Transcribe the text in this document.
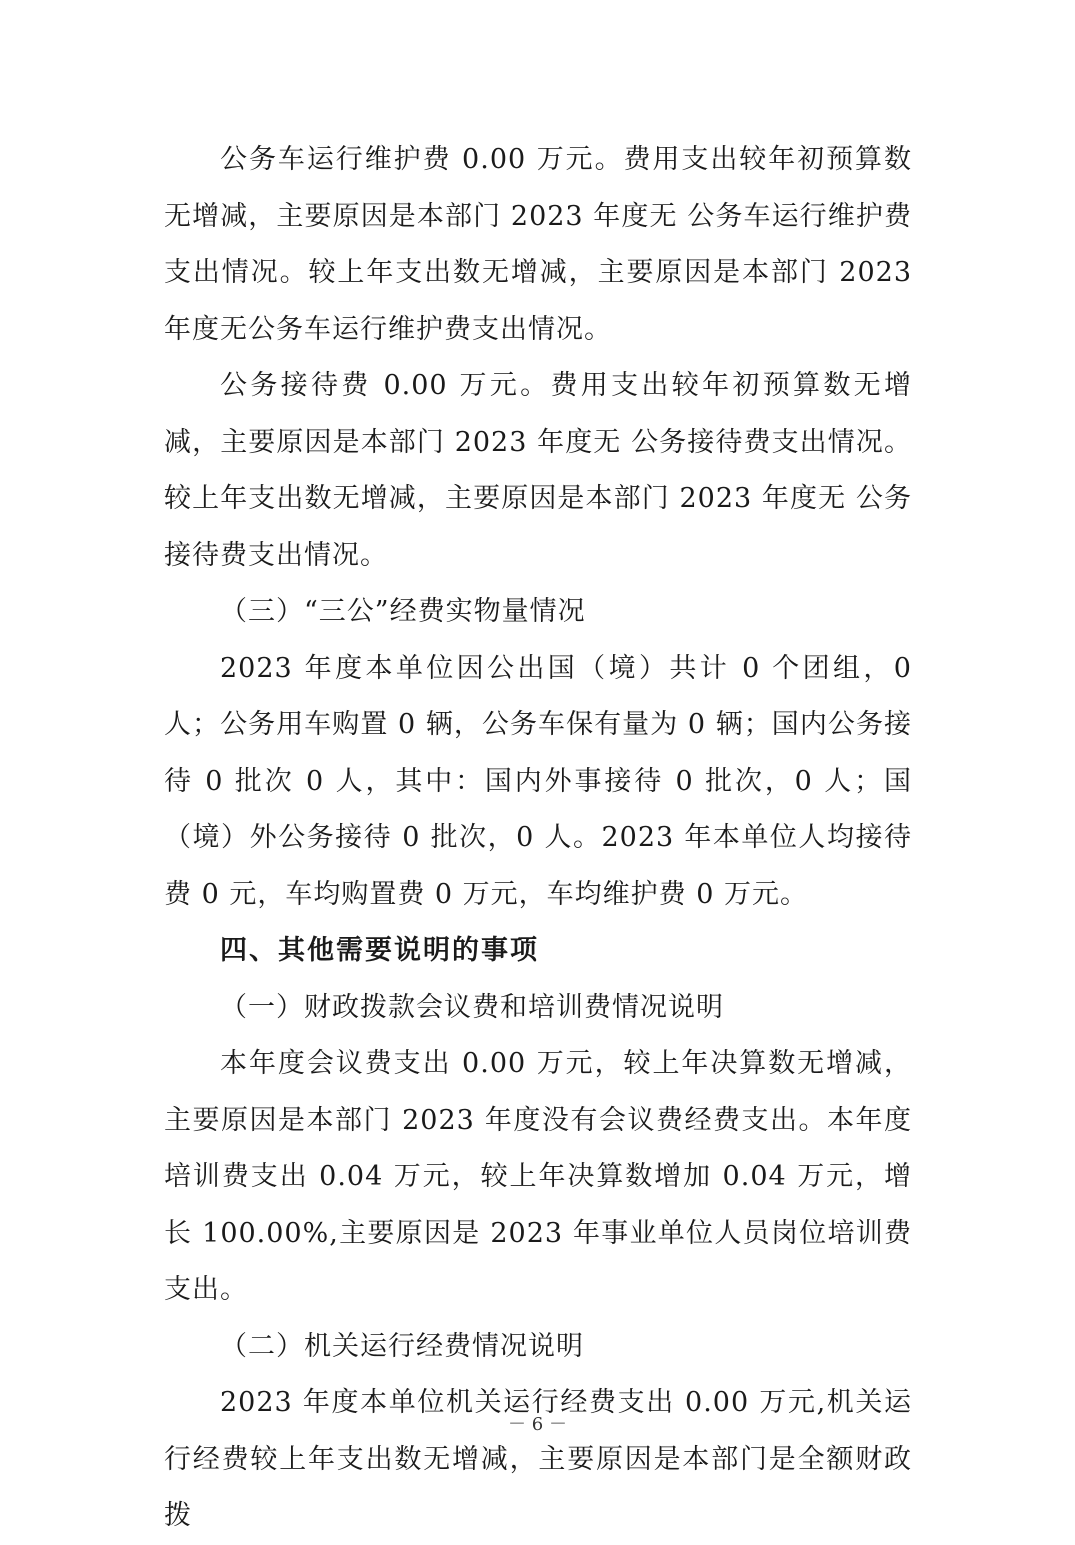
公务车运行维护费 0.00 万元。费用支出较年初预算数无增减，主要原因是本部门 2023 年度无 公务车运行维护费支出情况。较上年支出数无增减，主要原因是本部门 2023 年度无公务车运行维护费支出情况。

公务接待费 0.00 万元。费用支出较年初预算数无增减，主要原因是本部门 2023 年度无 公务接待费支出情况。较上年支出数无增减，主要原因是本部门 2023 年度无 公务接待费支出情况。

（三）“三公”经费实物量情况

2023 年度本单位因公出国（境）共计 0 个团组，0 人；公务用车购置 0 辆，公务车保有量为 0 辆；国内公务接待 0 批次 0 人，其中：国内外事接待 0 批次，0 人；国（境）外公务接待 0 批次，0 人。2023 年本单位人均接待费 0 元，车均购置费 0 万元，车均维护费 0 万元。

四、其他需要说明的事项

（一）财政拨款会议费和培训费情况说明

本年度会议费支出 0.00 万元，较上年决算数无增减，主要原因是本部门 2023 年度没有会议费经费支出。本年度培训费支出 0.04 万元，较上年决算数增加 0.04 万元，增长 100.00%,主要原因是 2023 年事业单位人员岗位培训费支出。

（二）机关运行经费情况说明

2023 年度本单位机关运行经费支出 0.00 万元,机关运行经费较上年支出数无增减，主要原因是本部门是全额财政拨

－ 6 －
